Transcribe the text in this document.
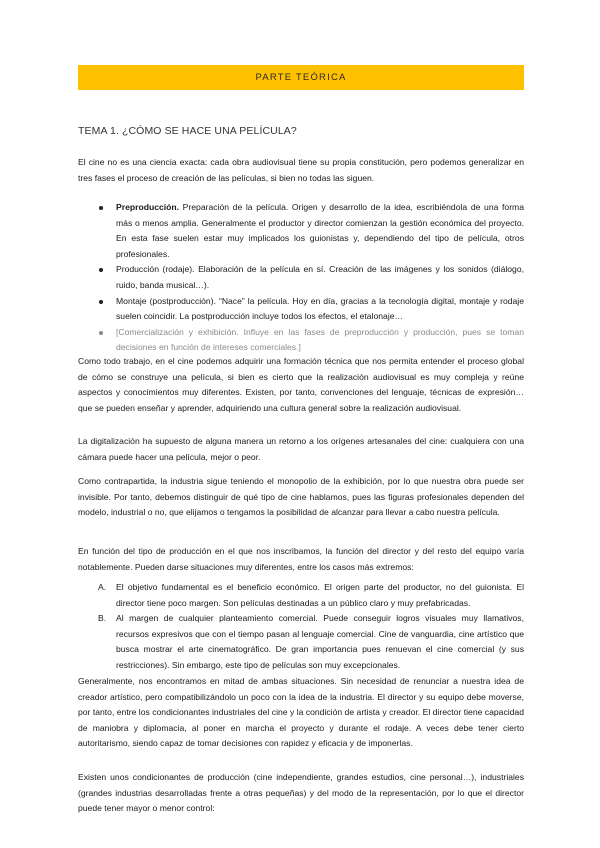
PARTE TEÓRICA
TEMA 1. ¿CÓMO SE HACE UNA PELÍCULA?

El cine no es una ciencia exacta: cada obra audiovisual tiene su propia constitución, pero podemos generalizar en tres fases el proceso de creación de las películas, si bien no todas las siguen.

Preproducción. Preparación de la película. Origen y desarrollo de la idea, escribiéndola de una forma más o menos amplia. Generalmente el productor y director comienzan la gestión económica del proyecto. En esta fase suelen estar muy implicados los guionistas y, dependiendo del tipo de película, otros profesionales.
Producción (rodaje). Elaboración de la película en sí. Creación de las imágenes y los sonidos (diálogo, ruido, banda musical…).
Montaje (postproducción). “Nace” la película. Hoy en día, gracias a la tecnología digital, montaje y rodaje suelen coincidir. La postproducción incluye todos los efectos, el etalonaje…
[Comercialización y exhibición. Influye en las fases de preproducción y producción, pues se toman decisiones en función de intereses comerciales.]

Como todo trabajo, en el cine podemos adquirir una formación técnica que nos permita entender el proceso global de cómo se construye una película, si bien es cierto que la realización audiovisual es muy compleja y reúne aspectos y conocimientos muy diferentes. Existen, por tanto, convenciones del lenguaje, técnicas de expresión… que se pueden enseñar y aprender, adquiriendo una cultura general sobre la realización audiovisual.

La digitalización ha supuesto de alguna manera un retorno a los orígenes artesanales del cine: cualquiera con una cámara puede hacer una película, mejor o peor.

Como contrapartida, la industria sigue teniendo el monopolio de la exhibición, por lo que nuestra obra puede ser invisible. Por tanto, debemos distinguir de qué tipo de cine hablamos, pues las figuras profesionales dependen del modelo, industrial o no, que elijamos o tengamos la posibilidad de alcanzar para llevar a cabo nuestra película.

En función del tipo de producción en el que nos inscribamos, la función del director y del resto del equipo varía notablemente. Pueden darse situaciones muy diferentes, entre los casos más extremos:

A. El objetivo fundamental es el beneficio económico. El origen parte del productor, no del guionista. El director tiene poco margen. Son películas destinadas a un público claro y muy prefabricadas.
B. Al margen de cualquier planteamiento comercial. Puede conseguir logros visuales muy llamativos, recursos expresivos que con el tiempo pasan al lenguaje comercial. Cine de vanguardia, cine artístico que busca mostrar el arte cinematográfico. De gran importancia pues renuevan el cine comercial (y sus restricciones). Sin embargo, este tipo de películas son muy excepcionales.

Generalmente, nos encontramos en mitad de ambas situaciones. Sin necesidad de renunciar a nuestra idea de creador artístico, pero compatibilizándolo un poco con la idea de la industria. El director y su equipo debe moverse, por tanto, entre los condicionantes industriales del cine y la condición de artista y creador. El director tiene capacidad de maniobra y diplomacia, al poner en marcha el proyecto y durante el rodaje. A veces debe tener cierto autoritarismo, siendo capaz de tomar decisiones con rapidez y eficacia y de imponerlas.

Existen unos condicionantes de producción (cine independiente, grandes estudios, cine personal…), industriales (grandes industrias desarrolladas frente a otras pequeñas) y del modo de la representación, por lo que el director puede tener mayor o menor control:
